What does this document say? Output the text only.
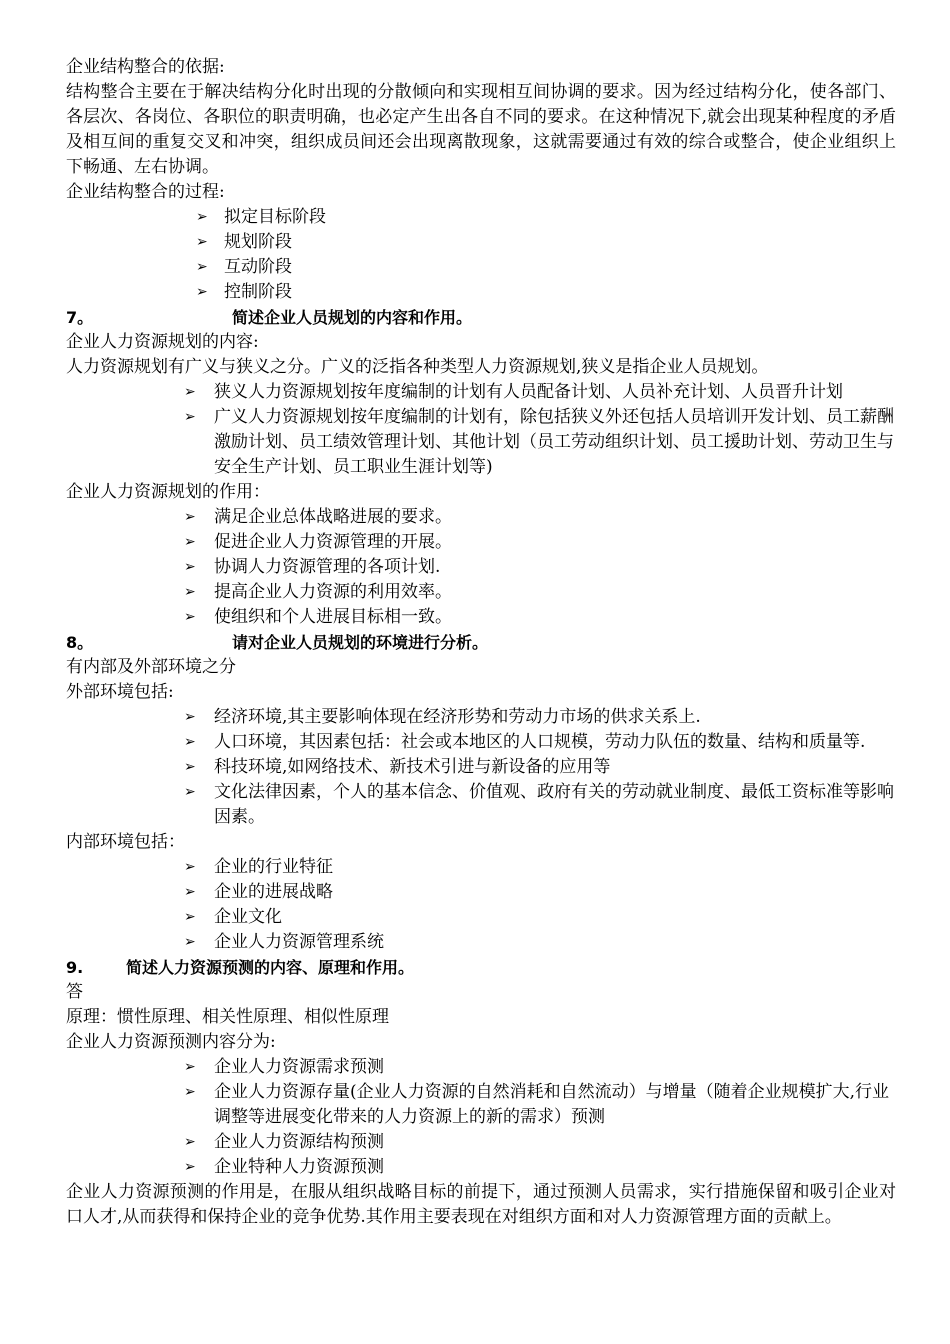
企业结构整合的依据:

结构整合主要在于解决结构分化时出现的分散倾向和实现相互间协调的要求。因为经过结构分化，使各部门、各层次、各岗位、各职位的职责明确，也必定产生出各自不同的要求。在这种情况下,就会出现某种程度的矛盾及相互间的重复交叉和冲突，组织成员间还会出现离散现象，这就需要通过有效的综合或整合，使企业组织上下畅通、左右协调。

企业结构整合的过程:

➢ 拟定目标阶段
➢ 规划阶段
➢ 互动阶段
➢ 控制阶段

7。	简述企业人员规划的内容和作用。

企业人力资源规划的内容:

人力资源规划有广义与狭义之分。广义的泛指各种类型人力资源规划,狭义是指企业人员规划。

➢ 狭义人力资源规划按年度编制的计划有人员配备计划、人员补充计划、人员晋升计划
➢ 广义人力资源规划按年度编制的计划有，除包括狭义外还包括人员培训开发计划、员工薪酬激励计划、员工绩效管理计划、其他计划（员工劳动组织计划、员工援助计划、劳动卫生与安全生产计划、员工职业生涯计划等)

企业人力资源规划的作用：

➢ 满足企业总体战略进展的要求。
➢ 促进企业人力资源管理的开展。
➢ 协调人力资源管理的各项计划.
➢ 提高企业人力资源的利用效率。
➢ 使组织和个人进展目标相一致。

8。	请对企业人员规划的环境进行分析。

有内部及外部环境之分

外部环境包括:

➢ 经济环境,其主要影响体现在经济形势和劳动力市场的供求关系上.
➢ 人口环境，其因素包括：社会或本地区的人口规模，劳动力队伍的数量、结构和质量等.
➢ 科技环境,如网络技术、新技术引进与新设备的应用等
➢ 文化法律因素，个人的基本信念、价值观、政府有关的劳动就业制度、最低工资标准等影响因素。

内部环境包括：

➢ 企业的行业特征
➢ 企业的进展战略
➢ 企业文化
➢ 企业人力资源管理系统

9.	简述人力资源预测的内容、原理和作用。

答

原理：惯性原理、相关性原理、相似性原理

企业人力资源预测内容分为:

➢ 企业人力资源需求预测
➢ 企业人力资源存量(企业人力资源的自然消耗和自然流动）与增量（随着企业规模扩大,行业调整等进展变化带来的人力资源上的新的需求）预测
➢ 企业人力资源结构预测
➢ 企业特种人力资源预测

企业人力资源预测的作用是，在服从组织战略目标的前提下，通过预测人员需求，实行措施保留和吸引企业对口人才,从而获得和保持企业的竞争优势.其作用主要表现在对组织方面和对人力资源管理方面的贡献上。
